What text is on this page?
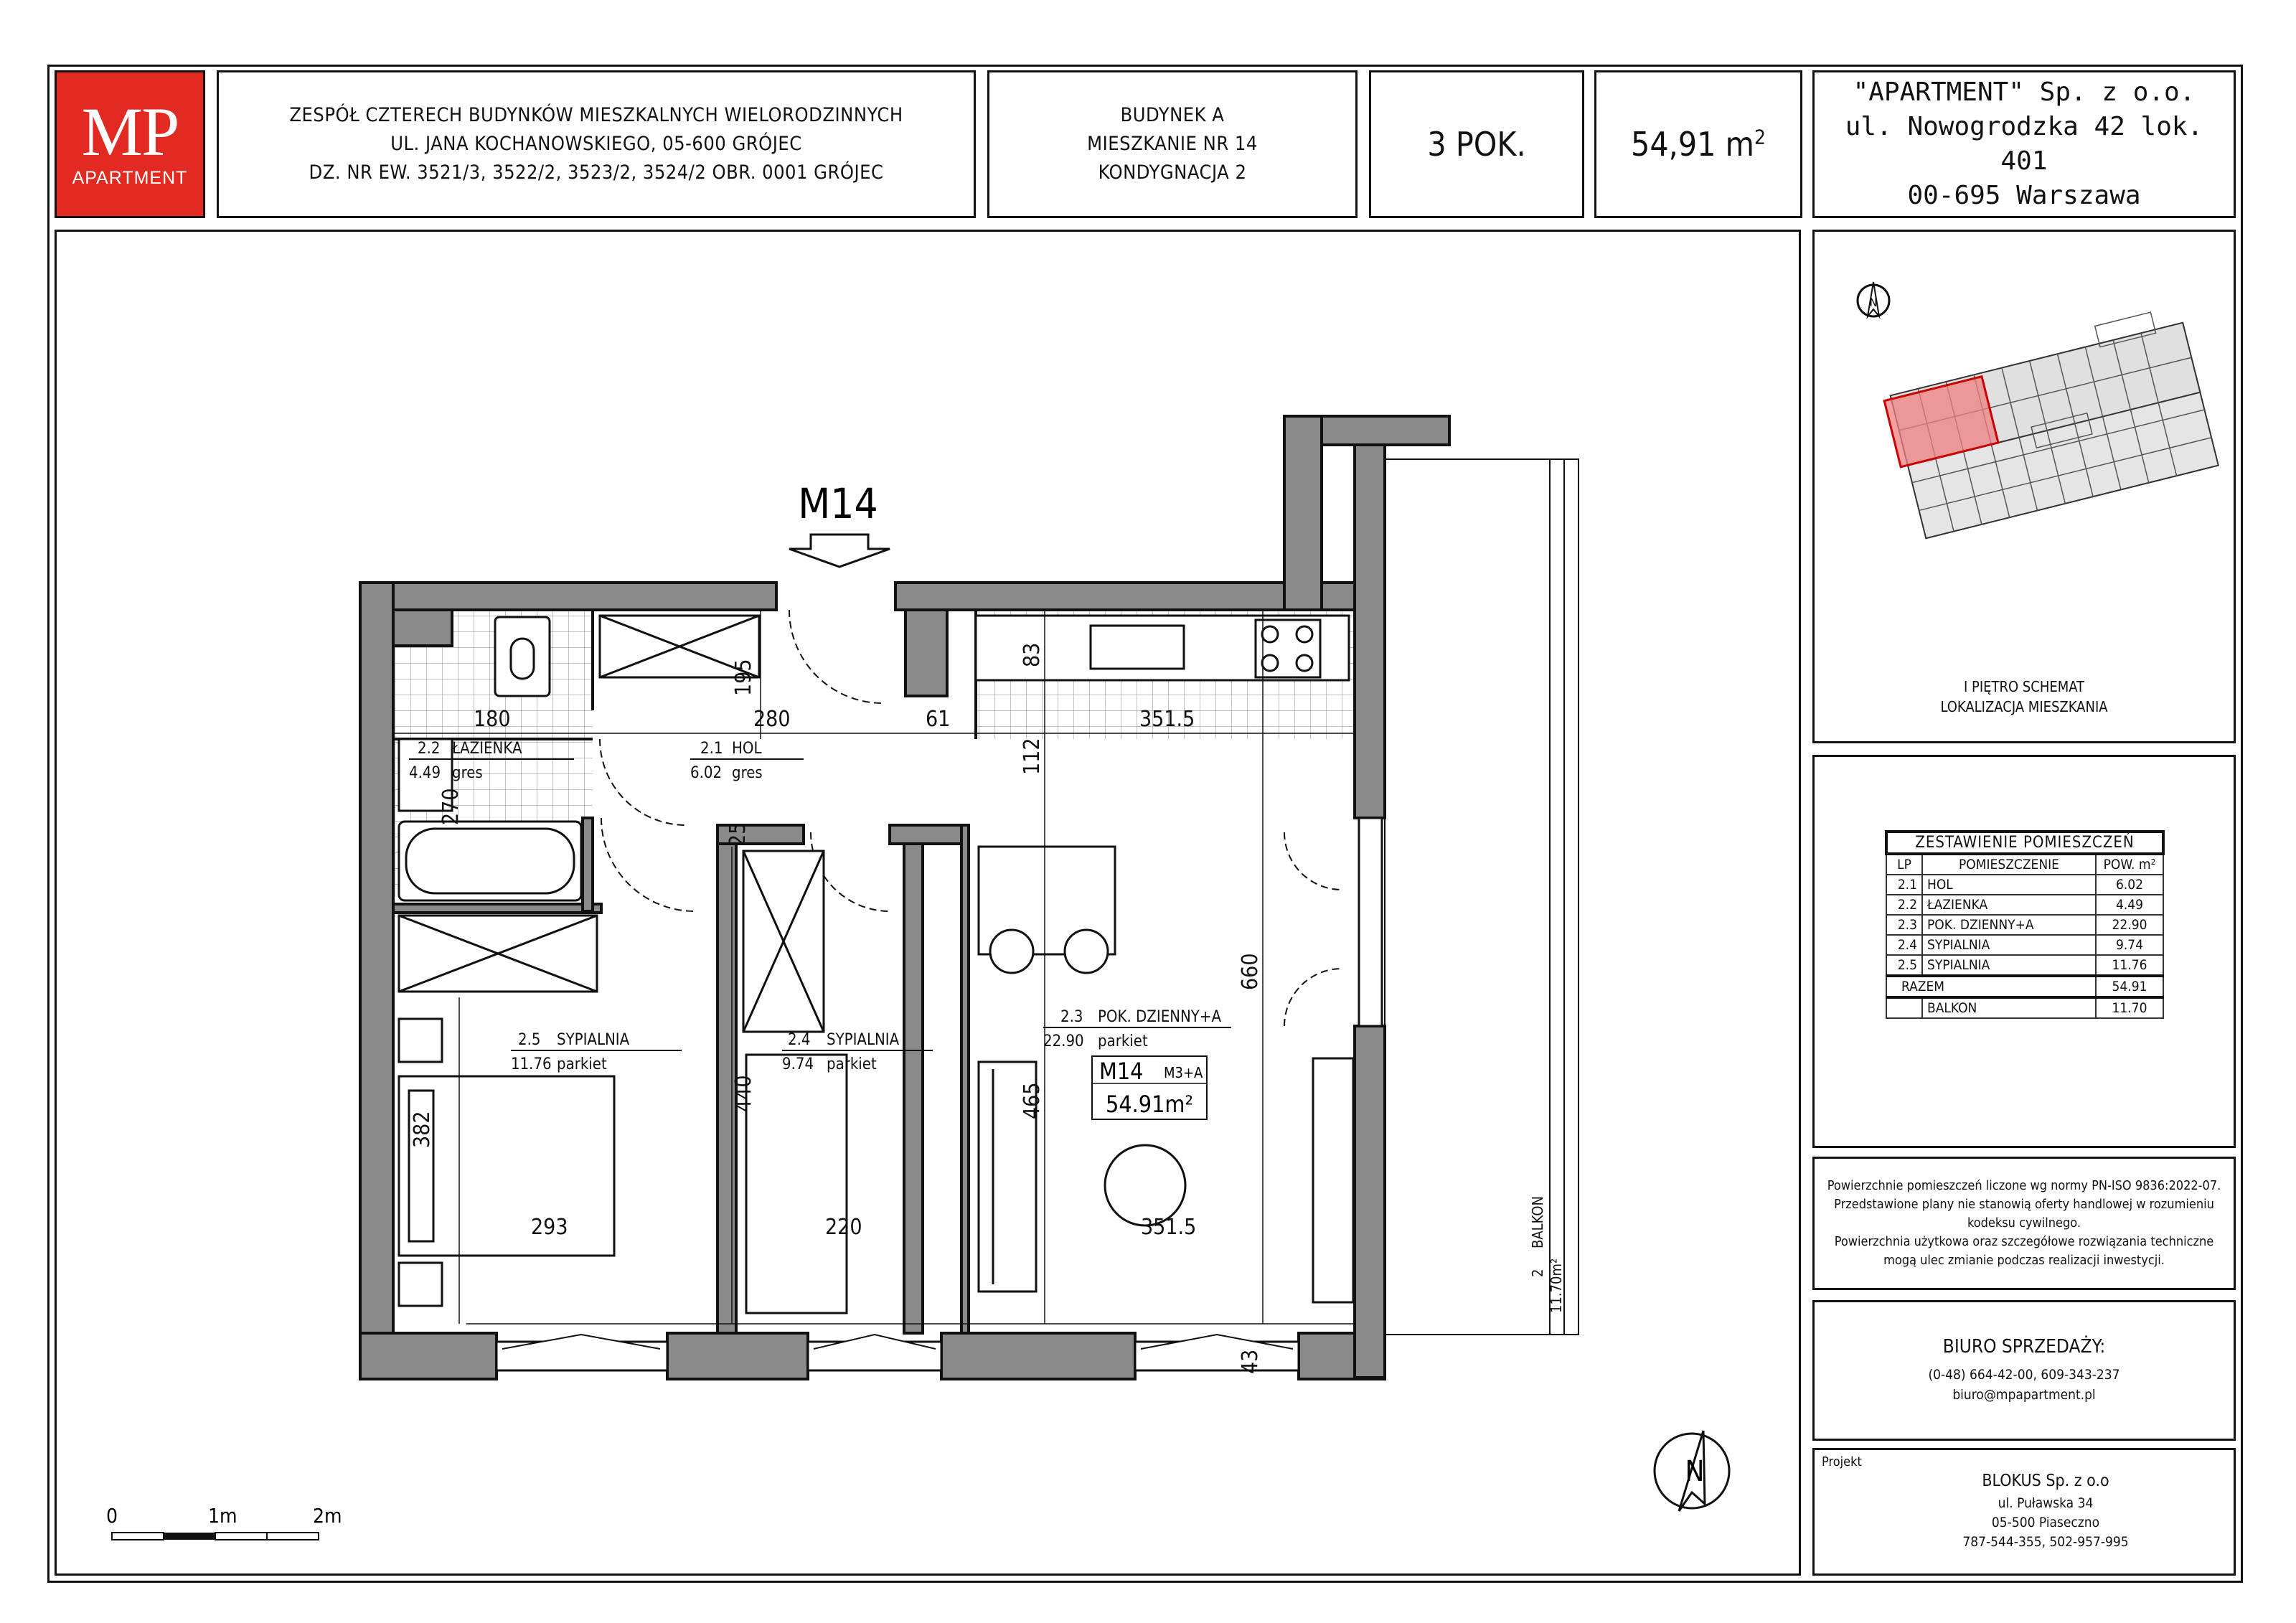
MP
APARTMENT
ZESPÓŁ CZTERECH BUDYNKÓW MIESZKALNYCH WIELORODZINNYCH
UL. JANA KOCHANOWSKIEGO, 05-600 GRÓJEC
DZ. NR EW. 3521/3, 3522/2, 3523/2, 3524/2 OBR. 0001 GRÓJEC
BUDYNEK A
MIESZKANIE NR 14
KONDYGNACJA 2
3 POK.	54,91 $m^2$
"APARTMENT" Sp. z o.o.
ul. Nowogrodzka 42 lok. 401
00-695 Warszawa
N
I PIĘTRO SCHEMAT
LOKALIZACJA MIESZKANIA
ZESTAWIENIE POMIESZCZEŃ		
LP	POMIESZCZENIE	POW. m²
2.1	HOL	6.02
2.2	ŁAZIENKA	4.49
2.3	POK. DZIENNY+A	22.90
2.4	SYPIALNIA	9.74
2.5	SYPIALNIA	11.76
RAZEM		54.91
	BALKON	11.70
Powierzchnie pomieszczeń liczone wg normy PN-ISO 9836:2022-07.
Przedstawione plany nie stanowią oferty handlowej w rozumieniu
kodeksu cywilnego.
Powierzchnia użytkowa oraz szczegółowe rozwiązania techniczne
mogą ulec zmianie podczas realizacji inwestycji.
BIURO SPRZEDAŻY:
(0-48) 664-42-00, 609-343-237
biuro@mpapartment.pl
Projekt
BLOKUS Sp. z o.o
ul. Puławska 34
05-500 Piaseczno
787-544-355, 502-957-995
M14
180	280	61	351.5
195
83
112
270
25
660
465
440
382
293	220	351.5
43
2.2 ŁAZIENKA
4.49 gres
2.1 HOL
6.02 gres
2.5 SYPIALNIA
11.76 parkiet
2.4 SYPIALNIA
9.74 parkiet
2.3 POK. DZIENNY+A
22.90 parkiet
2
BALKON
11.70m²
M14 M3+A
54.91m²
0	1m	2m
N
